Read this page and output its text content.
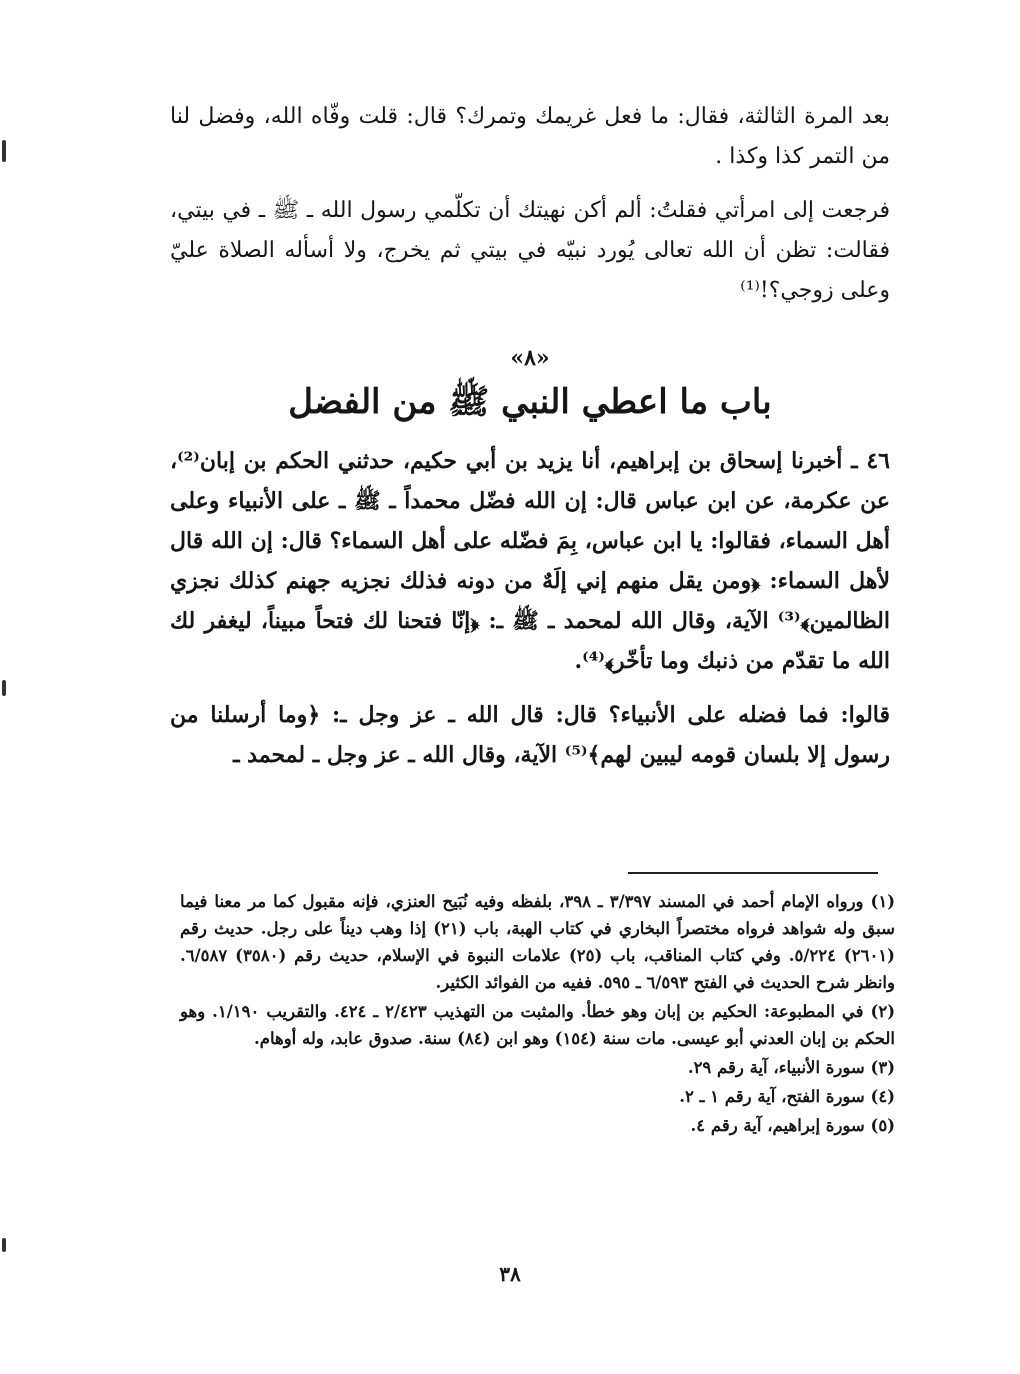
بعد المرة الثالثة، فقال: ما فعل غريمك وتمرك؟ قال: قلت وفّاه الله، وفضل لنا من التمر كذا وكذا .

فرجعت إلى امرأتي فقلتُ: ألم أكن نهيتك أن تكلّمي رسول الله ـ ﷺ ـ في بيتي، فقالت: تظن أن الله تعالى يُورد نبيّه في بيتي ثم يخرج، ولا أسأله الصلاة عليّ وعلى زوجي؟!⁽¹⁾

«٨»
باب ما اعطي النبي ﷺ من الفضل

٤٦ ـ أخبرنا إسحاق بن إبراهيم، أنا يزيد بن أبي حكيم، حدثني الحكم بن إبان⁽²⁾، عن عكرمة، عن ابن عباس قال: إن الله فضّل محمداً ـ ﷺ ـ على الأنبياء وعلى أهل السماء، فقالوا: يا ابن عباس، بِمَ فضّله على أهل السماء؟ قال: إن الله قال لأهل السماء: ﴿ومن يقل منهم إني إلَهٌ من دونه فذلك نجزيه جهنم كذلك نجزي الظالمين﴾⁽³⁾ الآية، وقال الله لمحمد ـ ﷺ ـ: ﴿إنّا فتحنا لك فتحاً مبيناً، ليغفر لك الله ما تقدّم من ذنبك وما تأخّر﴾⁽⁴⁾.

قالوا: فما فضله على الأنبياء؟ قال: قال الله ـ عز وجل ـ: ﴿وما أرسلنا من رسول إلا بلسان قومه ليبين لهم﴾⁽⁵⁾ الآية، وقال الله ـ عز وجل ـ لمحمد ـ

(١) ورواه الإمام أحمد في المسند ٣/٣٩٧ ـ ٣٩٨، بلفظه وفيه نُبَيح العنزي، فإنه مقبول كما مر معنا فيما سبق وله شواهد فرواه مختصراً البخاري في كتاب الهبة، باب (٢١) إذا وهب ديناً على رجل. حديث رقم (٢٦٠١) ٥/٢٢٤. وفي كتاب المناقب، باب (٢٥) علامات النبوة في الإسلام، حديث رقم (٣٥٨٠) ٦/٥٨٧. وانظر شرح الحديث في الفتح ٦/٥٩٣ ـ ٥٩٥. ففيه من الفوائد الكثير.

(٢) في المطبوعة: الحكيم بن إبان وهو خطأ. والمثبت من التهذيب ٢/٤٢٣ ـ ٤٢٤. والتقريب ١/١٩٠. وهو الحكم بن إبان العدني أبو عيسى. مات سنة (١٥٤) وهو ابن (٨٤) سنة. صدوق عابد، وله أوهام.

(٣) سورة الأنبياء، آية رقم ٢٩.

(٤) سورة الفتح، آية رقم ١ ـ ٢.

(٥) سورة إبراهيم، آية رقم ٤.

٣٨
